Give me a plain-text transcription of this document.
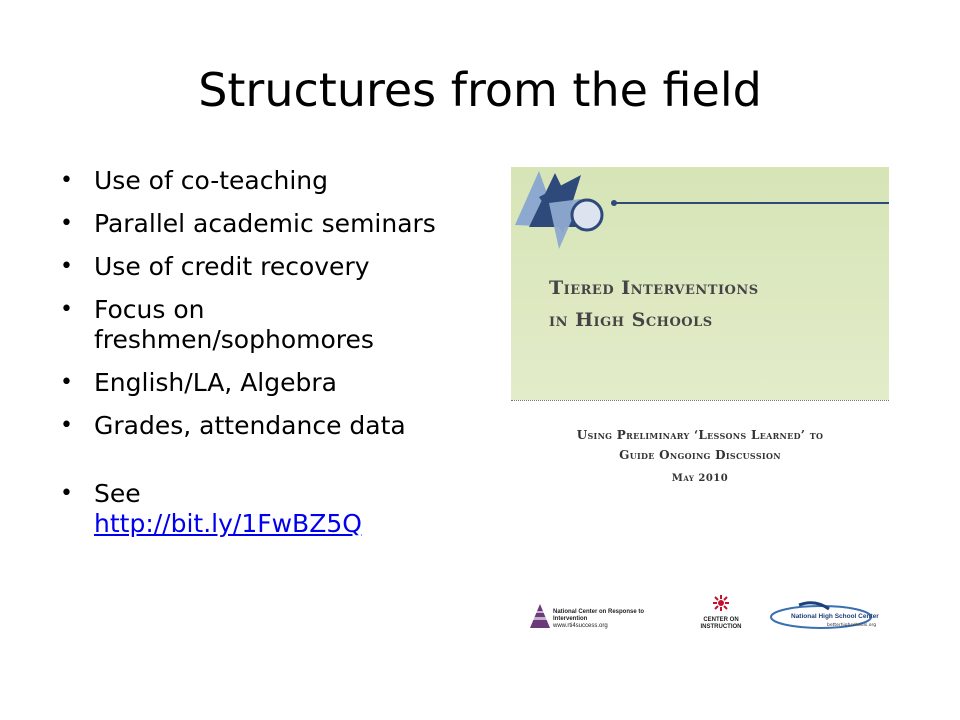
Structures from the field
• Use of co-teaching
• Parallel academic seminars
• Use of credit recovery
• Focus on freshmen/sophomores
• English/LA, Algebra
• Grades, attendance data
• See
http://bit.ly/1FwBZ5Q
Tiered Interventions
in High Schools
Using Preliminary ‘Lessons Learned’ to
Guide Ongoing Discussion
May 2010
National Center on Response to Intervention
www.rti4success.org
CENTER ON
INSTRUCTION
National High School Center
betterhighschools.org
